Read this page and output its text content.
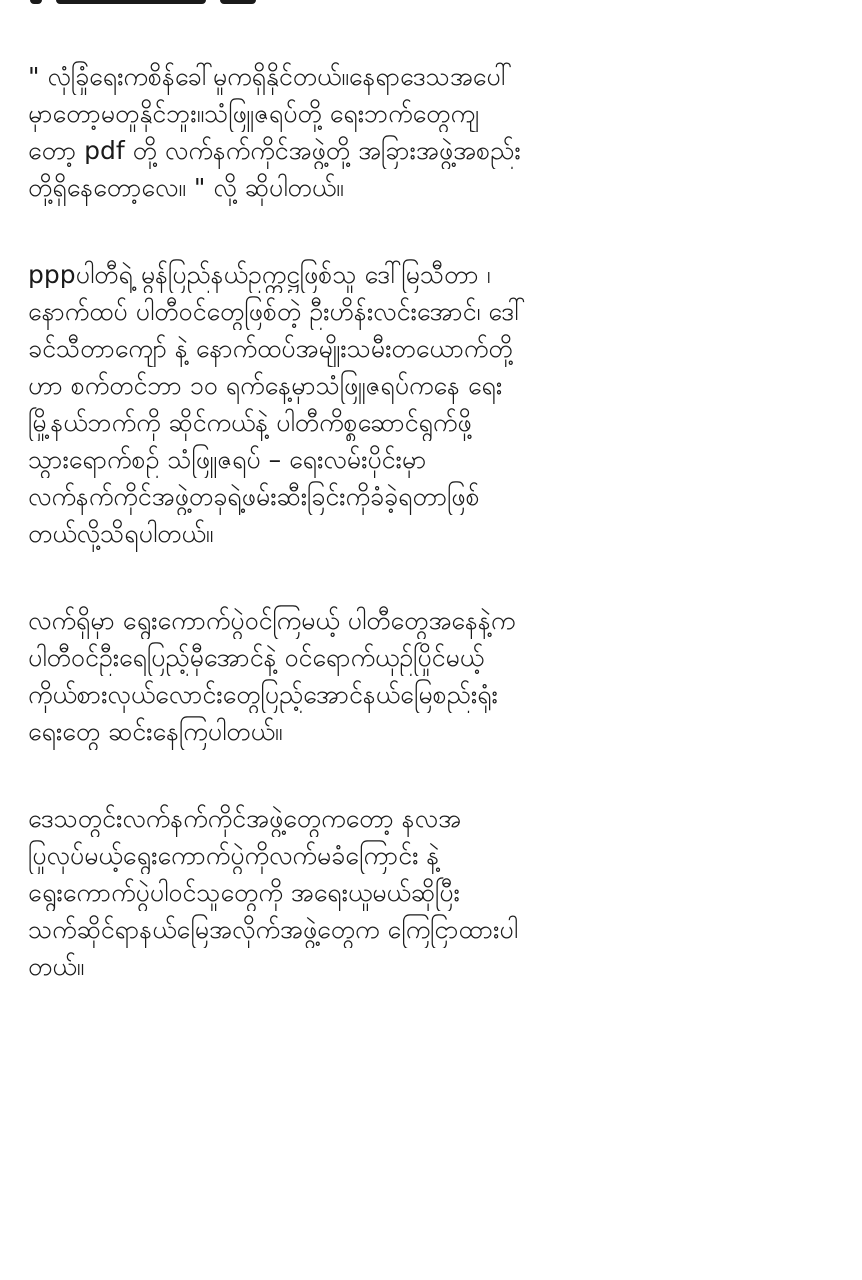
" လုံခြုံရေးကစိန်ခေါ်မှုကရှိနိုင်တယ်။နေရာဒေသအပေါ်
မှာတော့မတူနိုင်ဘူး။သံဖြူဇရပ်တို့ ရေးဘက်တွေကျ
တော့ pdf တို့ လက်နက်ကိုင်အဖွဲ့တို့ အခြားအဖွဲ့အစည်း
တို့ရှိနေတော့လေ။ " လို့ ဆိုပါတယ်။

pppပါတီရဲ့ မွန်ပြည်နယ်ဥက္ကဋ္ဌဖြစ်သူ ဒေါ်မြသီတာ ၊
နောက်ထပ် ပါတီဝင်တွေဖြစ်တဲ့ ဦးဟိန်းလင်းအောင်၊ ဒေါ်
ခင်သီတာကျော် နဲ့ နောက်ထပ်အမျိုးသမီးတယောက်တို့
ဟာ စက်တင်ဘာ ၁၀ ရက်နေ့မှာသံဖြူဇရပ်ကနေ ရေး
မြို့နယ်ဘက်ကို ဆိုင်ကယ်နဲ့ ပါတီကိစ္စဆောင်ရွက်ဖို့
သွားရောက်စဉ် သံဖြူဇရပ် – ရေးလမ်းပိုင်းမှာ
လက်နက်ကိုင်အဖွဲ့တခုရဲ့ဖမ်းဆီးခြင်းကိုခံခဲ့ရတာဖြစ်
တယ်လို့သိရပါတယ်။

လက်ရှိမှာ ရွေးကောက်ပွဲဝင်ကြမယ့် ပါတီတွေအနေနဲ့က
ပါတီဝင်ဦးရေပြည့်မှီအောင်နဲ့ ဝင်ရောက်ယှဉ်ပြိုင်မယ့်
ကိုယ်စားလှယ်လောင်းတွေပြည့်အောင်နယ်မြေစည်းရုံး
ရေးတွေ ဆင်းနေကြပါတယ်။

ဒေသတွင်းလက်နက်ကိုင်အဖွဲ့တွေကတော့ နလအ
ပြုလုပ်မယ့်ရွေးကောက်ပွဲကိုလက်မခံကြောင်း နဲ့
ရွေးကောက်ပွဲပါဝင်သူတွေကို အရေးယူမယ်ဆိုပြီး
သက်ဆိုင်ရာနယ်မြေအလိုက်အဖွဲ့တွေက ကြေငြာထားပါ
တယ်။
